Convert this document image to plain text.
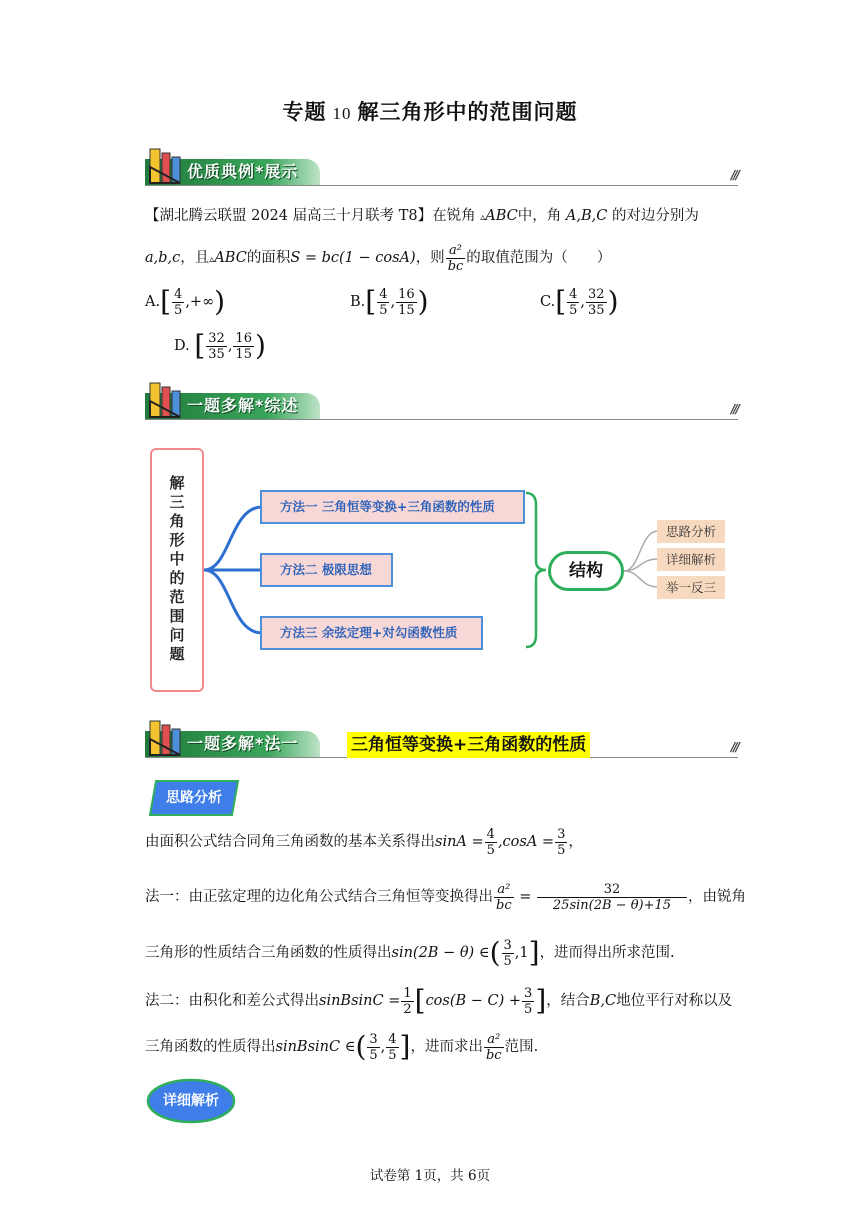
专题 10 解三角形中的范围问题
优质典例*展示	///
【湖北腾云联盟 2024 届高三十月联考 T8】在锐角 ▵ABC中，角 A,B,C 的对边分别为
a,b,c，且▵ABC的面积S = bc(1 − cosA)，则 $\frac{\text{a²}}{bc}$ 的取值范围为（　　）
$A.[ \frac{4}{5}$ ,+∞)	$B.[ \frac{4}{5}$ , $\frac{16}{15}$ )	$C.[ \frac{4}{5}$ , $\frac{32}{35}$ )
D. [ $\frac{32}{35}$ , $\frac{16}{15}$ )
一题多解*综述	///
解三角形中的范围问题	方法一 三角恒等变换+三角函数的性质
方法二 极限思想
方法三 余弦定理+对勾函数性质
结构
思路分析
详细解析
举一反三
一题多解*法一	三角恒等变换+三角函数的性质	///
思路分析
由面积公式结合同角三角函数的基本关系得出$\sin A = \frac{4}{5} ,\cos A = \frac{3}{5}$ ，
法一：由正弦定理的边化角公式结合三角恒等变换得出 $\frac{\text{a²}}{bc} = \frac{32}{25\sin(2B - \theta)+15}$ ，由锐角
三角形的性质结合三角函数的性质得出sin(2B − θ) ∈( $\frac{3}{5} ,1$]，进而得出所求范围.
法二：由积化和差公式得出sinBsinC = $\frac{1}{2} [\cos(B - C) + \frac{3}{5}$ ]，结合B,C地位平行对称以及
三角函数的性质得出sinBsinC ∈( $\frac{3}{5}$ , $\frac{4}{5}$ ]，进而求出 $\frac{\text{a²}}{bc}$ 范围.
详细解析
试卷第 1页，共 6页
